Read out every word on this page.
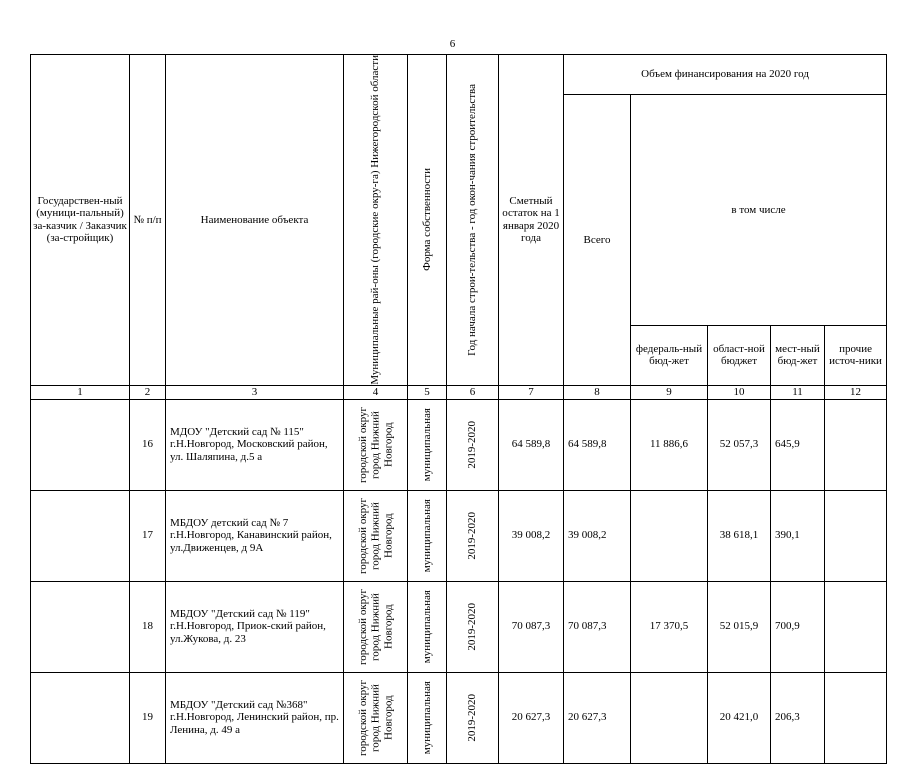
6
Государствен-ный (муници-пальный) за-казчик / Заказчик (за-стройщик)	№ п/п	Наименование объекта	Муниципальные рай-оны (городские окру-га) Нижегородской области	Форма собственности	Год начала строи-тельства - год окон-чания строительства	Сметный остаток на 1 января 2020 года	Объем финансирования на 2020 год				
							Всего	в том числе			
								федераль-ный бюд-жет	област-ной бюджет	мест-ный бюд-жет	прочие источ-ники
1	2	3	4	5	6	7	8	9	10	11	12
	16	МДОУ "Детский сад № 115" г.Н.Новгород, Московский район, ул. Шаляпина, д.5 а	городской округ город Нижний Новгород	муниципальная	2019-2020	64 589,8	64 589,8	11 886,6	52 057,3	645,9	
	17	МБДОУ детский сад № 7 г.Н.Новгород, Канавинский район, ул.Движенцев, д 9А	городской округ город Нижний Новгород	муниципальная	2019-2020	39 008,2	39 008,2		38 618,1	390,1	
	18	МБДОУ "Детский сад № 119" г.Н.Новгород, Приок-ский район, ул.Жукова, д. 23	городской округ город Нижний Новгород	муниципальная	2019-2020	70 087,3	70 087,3	17 370,5	52 015,9	700,9	
	19	МБДОУ "Детский сад №368" г.Н.Новгород, Ленинский район, пр. Ленина, д. 49 а	городской округ город Нижний Новгород	муниципальная	2019-2020	20 627,3	20 627,3		20 421,0	206,3	
